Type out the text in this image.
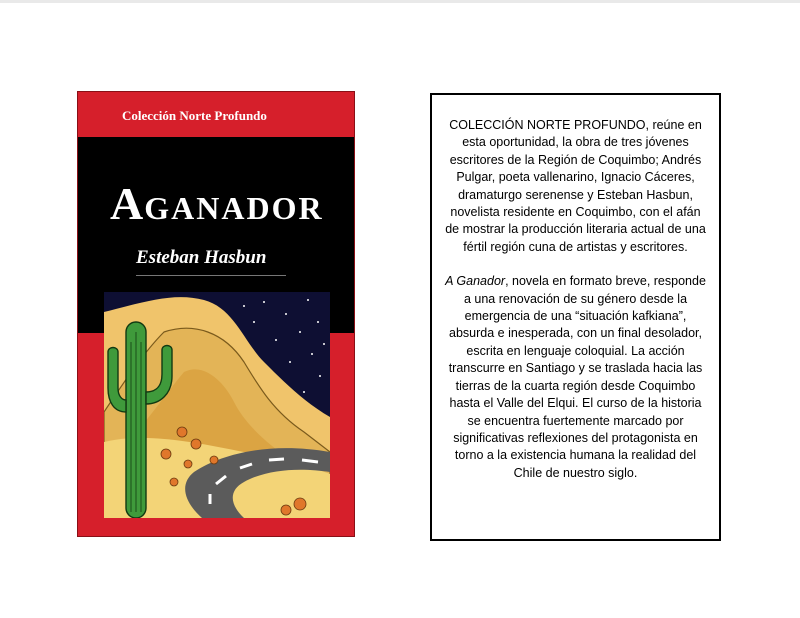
Colección Norte Profundo
AGANADOR
Esteban Hasbun

COLECCIÓN NORTE PROFUNDO, reúne en esta oportunidad, la obra de tres jóvenes escritores de la Región de Coquimbo; Andrés Pulgar, poeta vallenarino, Ignacio Cáceres, dramaturgo serenense y Esteban Hasbun, novelista residente en Coquimbo, con el afán de mostrar la producción literaria actual de una fértil región cuna de artistas y escritores.

A Ganador, novela en formato breve, responde a una renovación de su género desde la emergencia de una “situación kafkiana”, absurda e inesperada, con un final desolador, escrita en lenguaje coloquial. La acción transcurre en Santiago y se traslada hacia las tierras de la cuarta región desde Coquimbo hasta el Valle del Elqui. El curso de la historia se encuentra fuertemente marcado por significativas reflexiones del protagonista en torno a la existencia humana la realidad del Chile de nuestro siglo.
